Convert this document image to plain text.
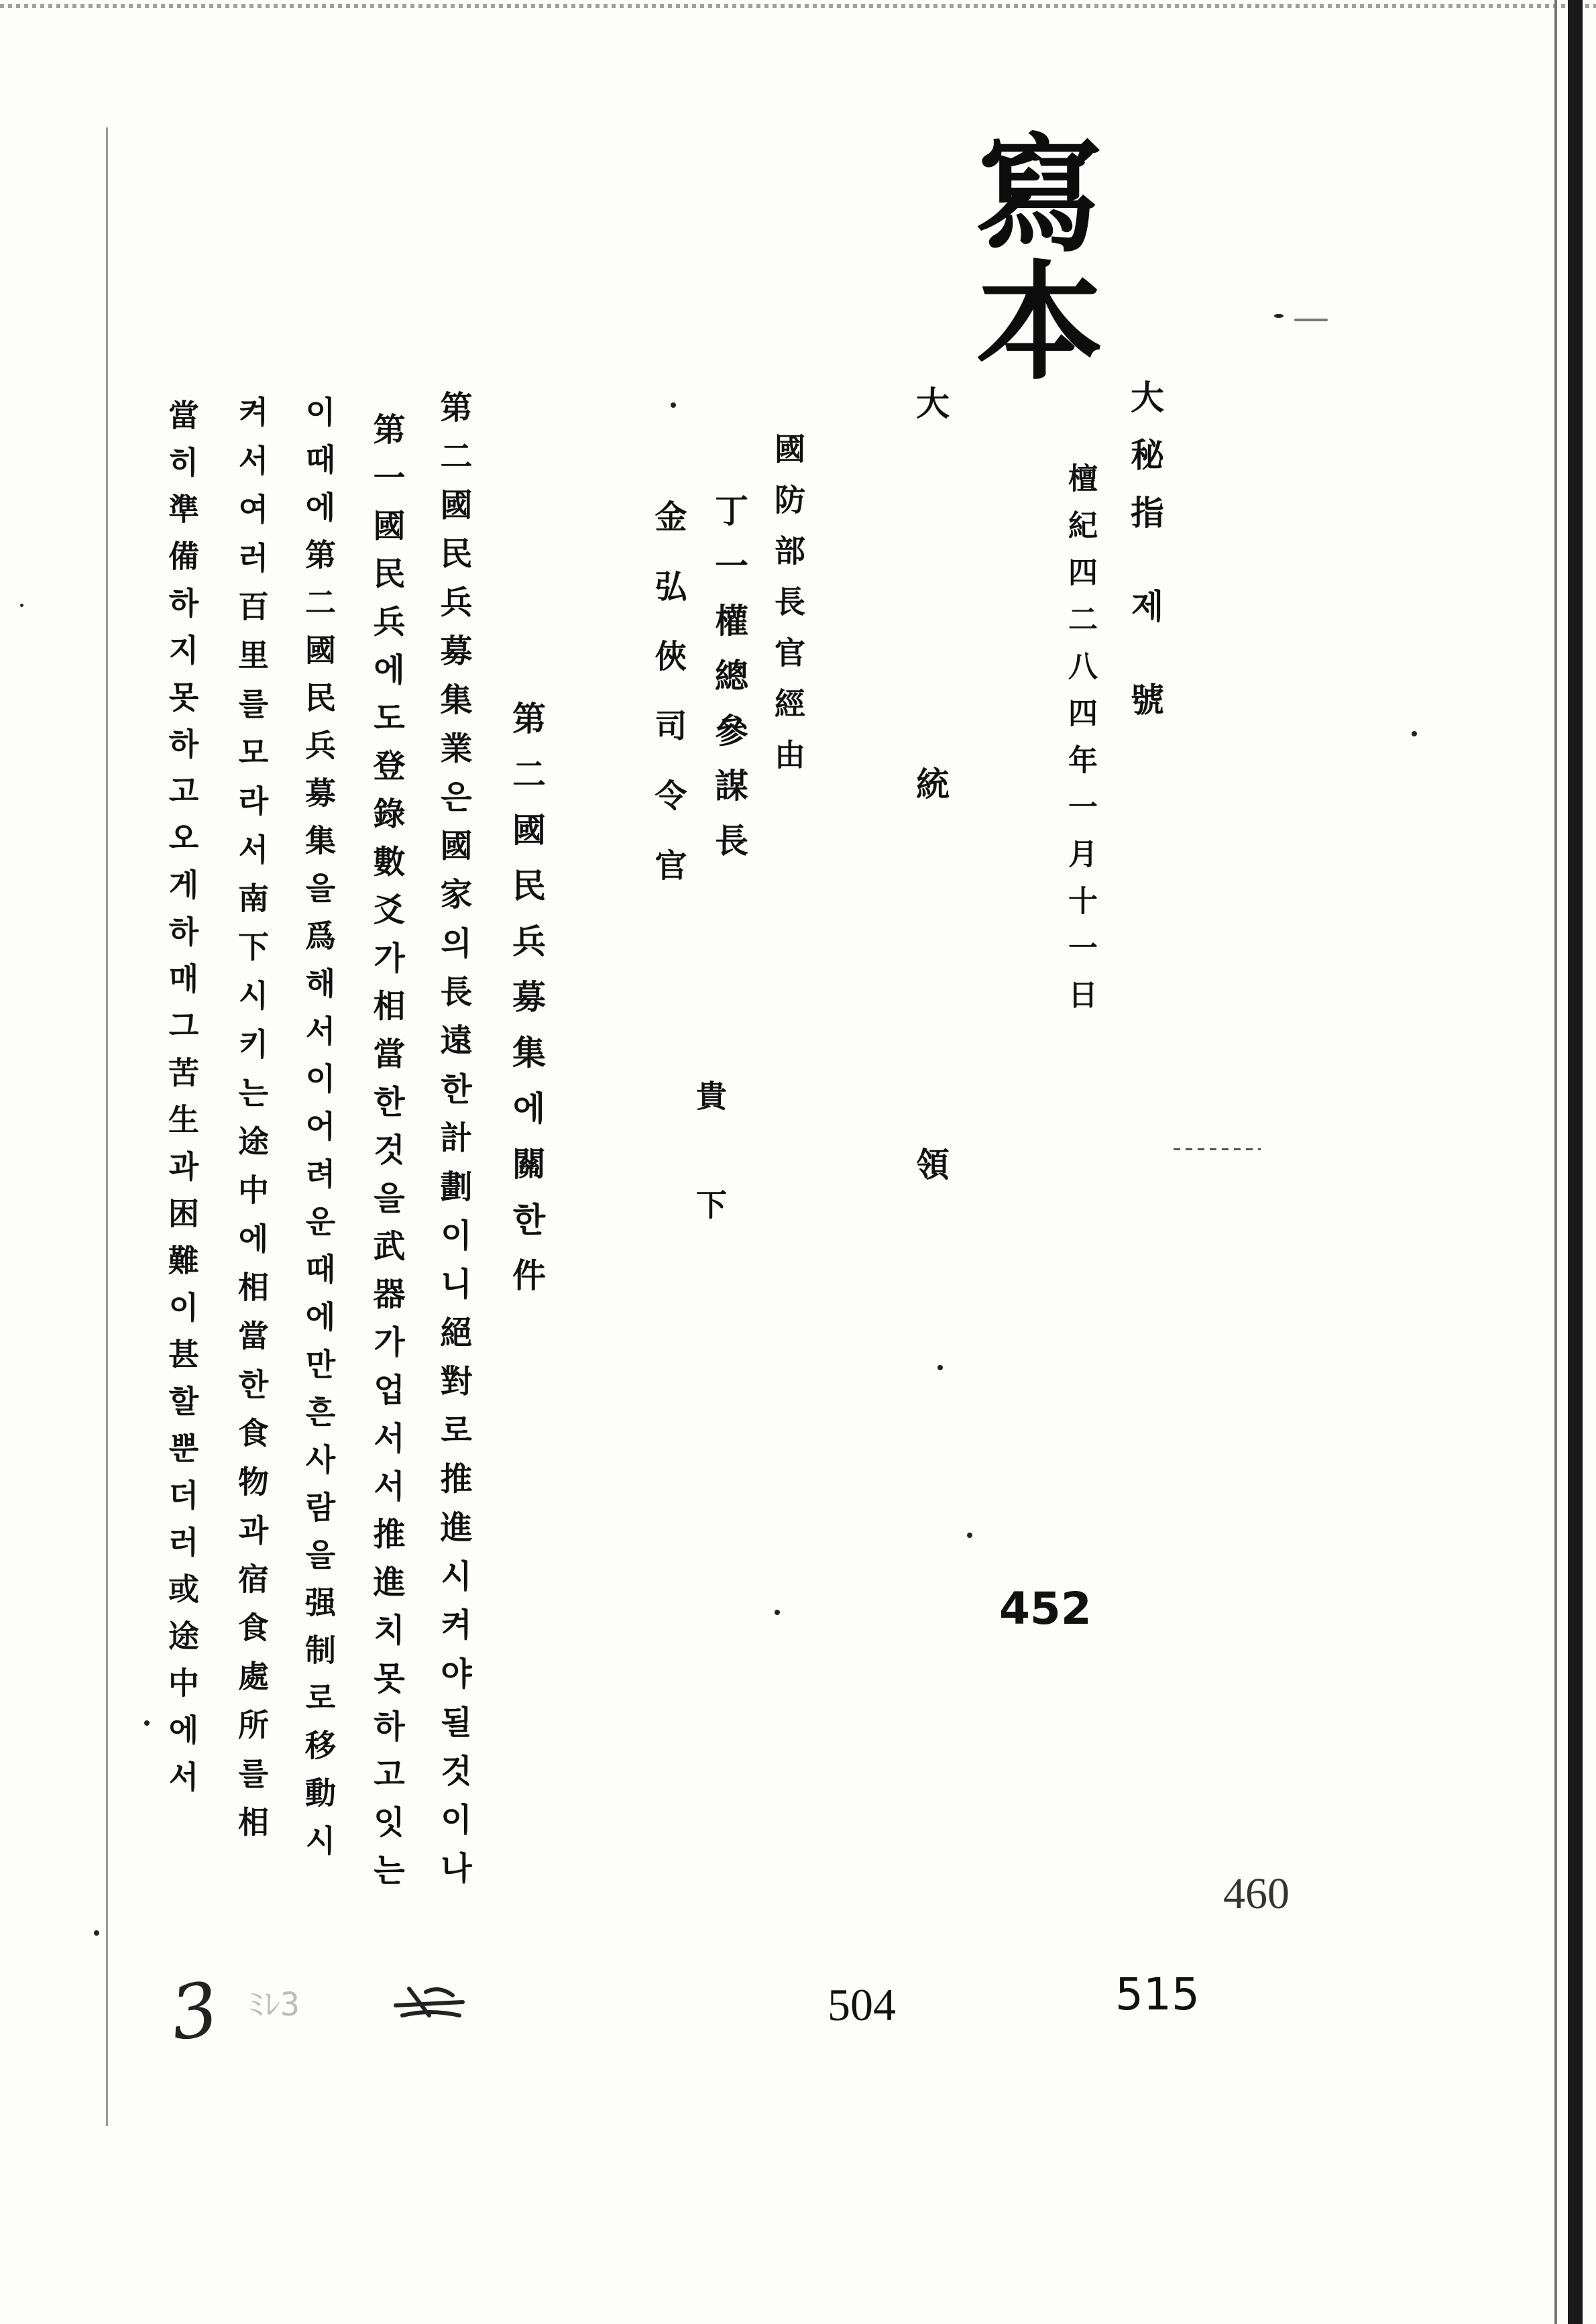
寫本
大秘指 제 號
檀紀四二八四年一月十一日
大 統 領
國防部長官經由
丁一權總參謀長
金弘俠司令官
貴 下
第二國民兵募集에關한件
第二國民兵募集業은國家의長遠한計劃이니絕對로推進시켜야될것이나
第一國民兵에도登錄數爻가相當한것을武器가업서서推進치못하고잇는
이때에第二國民兵募集을爲해서이어려운때에만흔사람을强制로移動시
켜서여러百里를모라서南下시키는途中에相當한食物과宿食處所를相
當히準備하지못하고오게하매그苦生과困難이甚할뿐더러或途中에서	452
460
504	515
3 ﾐﾚ3
